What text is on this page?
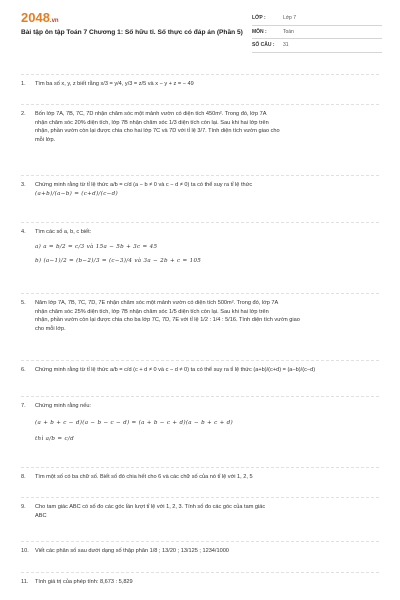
2048.vn
Bài tập ôn tập Toán 7 Chương 1: Số hữu tỉ. Số thực có đáp án (Phần 5)
LỚP :	Lớp 7
MÔN :	Toán
SỐ CÂU :	31
1. Tìm ba số x, y, z biết rằng x/3 = y/4, y/3 = z/5 và x − y + z = − 49
2. Bốn lớp 7A, 7B, 7C, 7D nhận chăm sóc một mảnh vườn có diện tích 450m². Trong đó, lớp 7A
nhận chăm sóc 20% diện tích, lớp 7B nhận chăm sóc 1/3 diện tích còn lại. Sau khi hai lớp trên
nhận, phần vườn còn lại được chia cho hai lớp 7C và 7D với tỉ lệ 3/7. Tính diện tích vườn giao cho
mỗi lớp.
3. Chứng minh rằng từ tỉ lệ thức a/b = c/d (a − b ≠ 0 và c − d ≠ 0) ta có thể suy ra tỉ lệ thức
(a+b)/(a−b) = (c+d)/(c−d)
4. Tìm các số a, b, c biết:
a) a = b/2 = c/3 và 15a − 5b + 3c = 45
b) (a−1)/2 = (b−2)/3 = (c−3)/4 và 3a − 2b + c = 105
5. Năm lớp 7A, 7B, 7C, 7D, 7E nhận chăm sóc một mảnh vườn có diện tích 500m². Trong đó, lớp 7A
nhận chăm sóc 25% diện tích, lớp 7B nhận chăm sóc 1/5 diện tích còn lại. Sau khi hai lớp trên
nhận, phần vườn còn lại được chia cho ba lớp 7C, 7D, 7E với tỉ lệ 1/2 : 1/4 : 5/16. Tính diện tích vườn giao
cho mỗi lớp.
6. Chứng minh rằng từ tỉ lệ thức a/b = c/d (c + d ≠ 0 và c − d ≠ 0) ta có thể suy ra tỉ lệ thức (a+b)/(c+d) = (a−b)/(c−d)
7. Chứng minh rằng nếu:
(a + b + c − d)(a − b − c − d) = (a + b − c + d)(a − b + c + d)
thì a/b = c/d
8. Tìm một số có ba chữ số. Biết số đó chia hết cho 6 và các chữ số của nó tỉ lệ với 1, 2, 5
9. Cho tam giác ABC có số đo các góc lần lượt tỉ lệ với 1, 2, 3. Tính số đo các góc của tam giác
ABC
10. Viết các phân số sau dưới dạng số thập phân 1/8 ; 13/20 ; 13/125 ; 1234/1000
11. Tính giá trị của phép tính: 8,673 : 5,829
